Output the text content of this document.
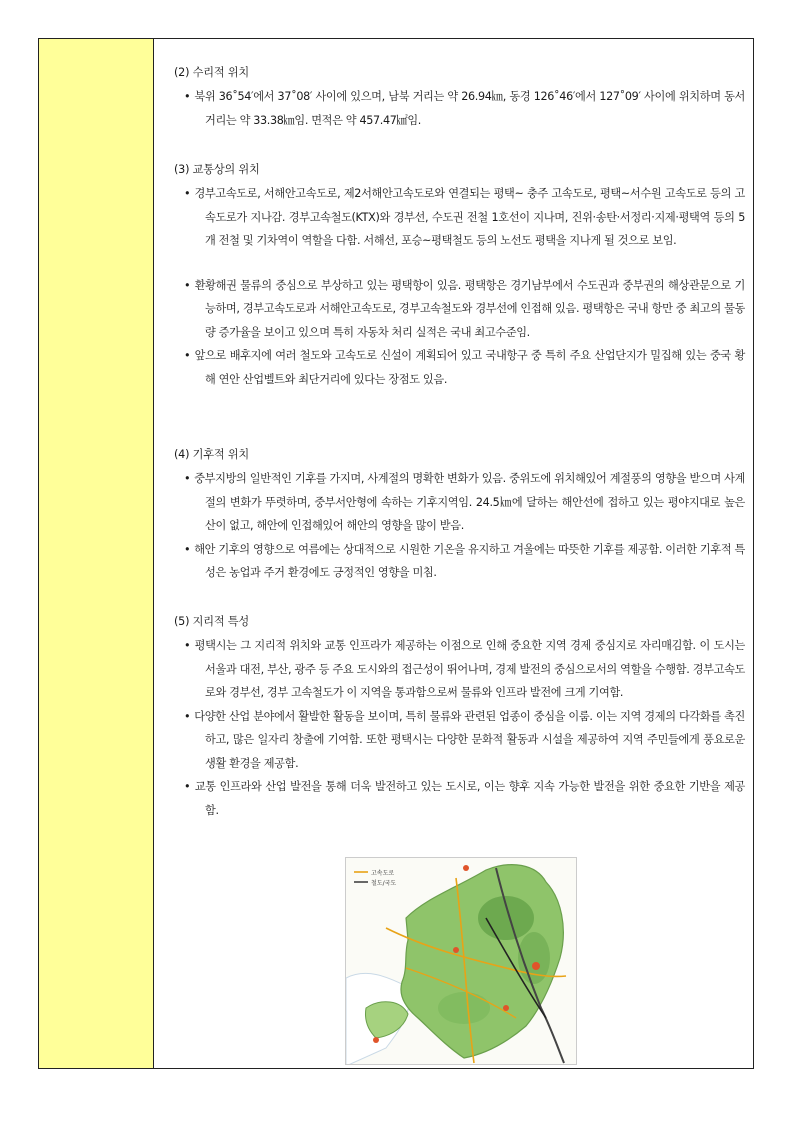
(2) 수리적 위치
• 북위 36˚54′에서 37˚08′ 사이에 있으며, 남북 거리는 약 26.94㎞, 동경 126˚46′에서 127˚09′ 사이에 위치하며 동서 거리는 약 33.38㎞임. 면적은 약 457.47㎢임.
(3) 교통상의 위치
• 경부고속도로, 서해안고속도로, 제2서해안고속도로와 연결되는 평택~ 충주 고속도로, 평택~서수원 고속도로 등의 고속도로가 지나감. 경부고속철도(KTX)와 경부선, 수도권 전철 1호선이 지나며, 진위·송탄·서정리·지제·평택역 등의 5개 전철 및 기차역이 역할을 다함. 서해선, 포승~평택철도 등의 노선도 평택을 지나게 될 것으로 보임.
• 환황해권 물류의 중심으로 부상하고 있는 평택항이 있음. 평택항은 경기남부에서 수도권과 중부권의 해상관문으로 기능하며, 경부고속도로과 서해안고속도로, 경부고속철도와 경부선에 인접해 있음. 평택항은 국내 항만 중 최고의 물동량 증가율을 보이고 있으며 특히 자동차 처리 실적은 국내 최고수준임.
• 앞으로 배후지에 여러 철도와 고속도로 신설이 계획되어 있고 국내항구 중 특히 주요 산업단지가 밀집해 있는 중국 황해 연안 산업벨트와 최단거리에 있다는 장점도 있음.
(4) 기후적 위치
• 중부지방의 일반적인 기후를 가지며, 사계절의 명확한 변화가 있음. 중위도에 위치해있어 계절풍의 영향을 받으며 사계절의 변화가 뚜렷하며, 중부서안형에 속하는 기후지역임. 24.5㎞에 달하는 해안선에 접하고 있는 평야지대로 높은 산이 없고, 해안에 인접해있어 해안의 영향을 많이 받음.
• 해안 기후의 영향으로 여름에는 상대적으로 시원한 기온을 유지하고 겨울에는 따뜻한 기후를 제공함. 이러한 기후적 특성은 농업과 주거 환경에도 긍정적인 영향을 미침.
(5) 지리적 특성
• 평택시는 그 지리적 위치와 교통 인프라가 제공하는 이점으로 인해 중요한 지역 경제 중심지로 자리매김함. 이 도시는 서울과 대전, 부산, 광주 등 주요 도시와의 접근성이 뛰어나며, 경제 발전의 중심으로서의 역할을 수행함. 경부고속도로와 경부선, 경부 고속철도가 이 지역을 통과함으로써 물류와 인프라 발전에 크게 기여함.
• 다양한 산업 분야에서 활발한 활동을 보이며, 특히 물류와 관련된 업종이 중심을 이룸. 이는 지역 경제의 다각화를 촉진하고, 많은 일자리 창출에 기여함. 또한 평택시는 다양한 문화적 활동과 시설을 제공하여 지역 주민들에게 풍요로운 생활 환경을 제공함.
• 교통 인프라와 산업 발전을 통해 더욱 발전하고 있는 도시로, 이는 향후 지속 가능한 발전을 위한 중요한 기반을 제공함.
고속도로
철도/국도
